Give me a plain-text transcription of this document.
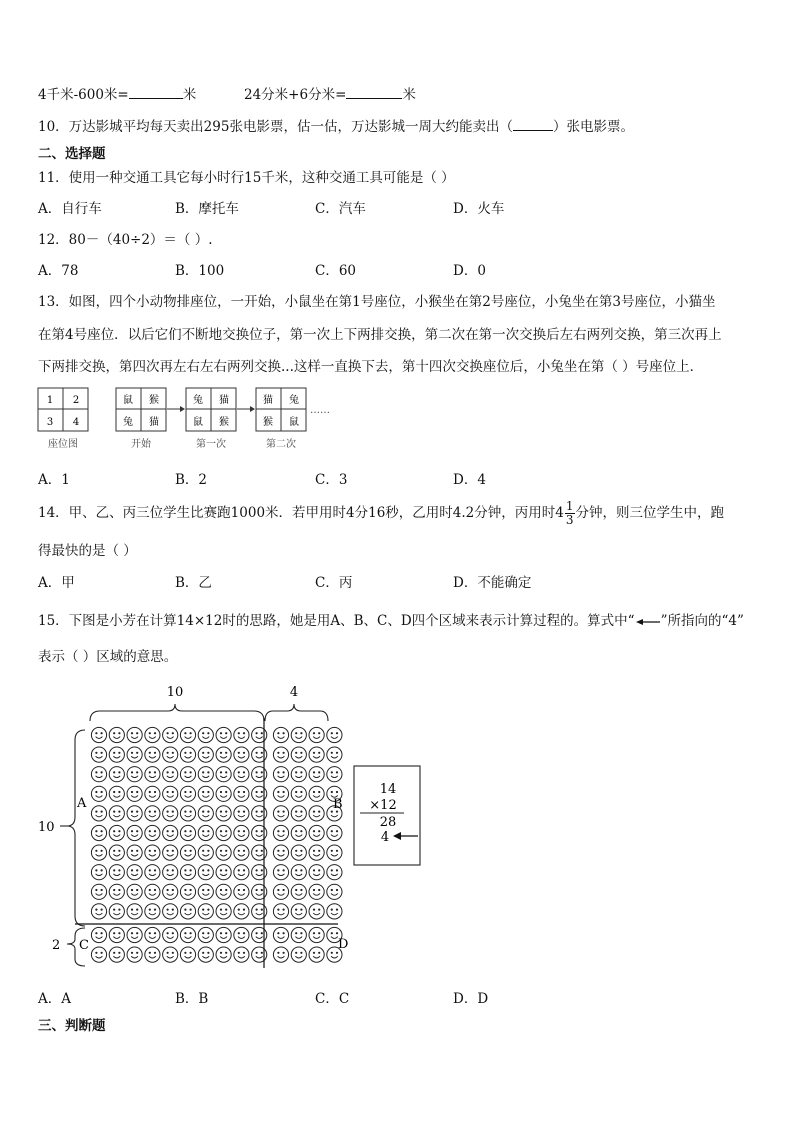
4千米-600米=	米	24分米+6分米=	米
10．万达影城平均每天卖出295张电影票，估一估，万达影城一周大约能卖出（	）张电影票。
二、选择题
11．使用一种交通工具它每小时行15千米，这种交通工具可能是（ ）
A．自行车	B．摩托车	C．汽车	D．火车
12．80－（40÷2）＝（ ）.
A．78	B．100	C．60	D．0
13．如图，四个小动物排座位，一开始，小鼠坐在第1号座位，小猴坐在第2号座位，小兔坐在第3号座位，小猫坐
在第4号座位．以后它们不断地交换位子，第一次上下两排交换，第二次在第一次交换后左右两列交换，第三次再上
下两排交换，第四次再左右左右两列交换...这样一直换下去，第十四次交换座位后，小兔坐在第（ ）号座位上．
1 2
3 4
座位图
鼠 猴
兔 猫
开始
兔 猫
鼠 猴
第一次
猫 兔
猴 鼠
第二次
……
A．1	B．2	C．3	D．4
14．甲、乙、丙三位学生比赛跑1000米．若甲用时4分16秒，乙用时4.2分钟，丙用时$4 \frac{1}{3}$ 分钟，则三位学生中，跑
得最快的是（ ）
A．甲	B．乙	C．丙	D．不能确定
15．下图是小芳在计算14×12时的思路，她是用A、B、C、D四个区域来表示计算过程的。算式中“ ”所指向的“4”
表示（ ）区域的意思。
10	4
10
2
A	B
C	D
14
×12
28
4
A．A	B．B	C．C	D．D
三、判断题
